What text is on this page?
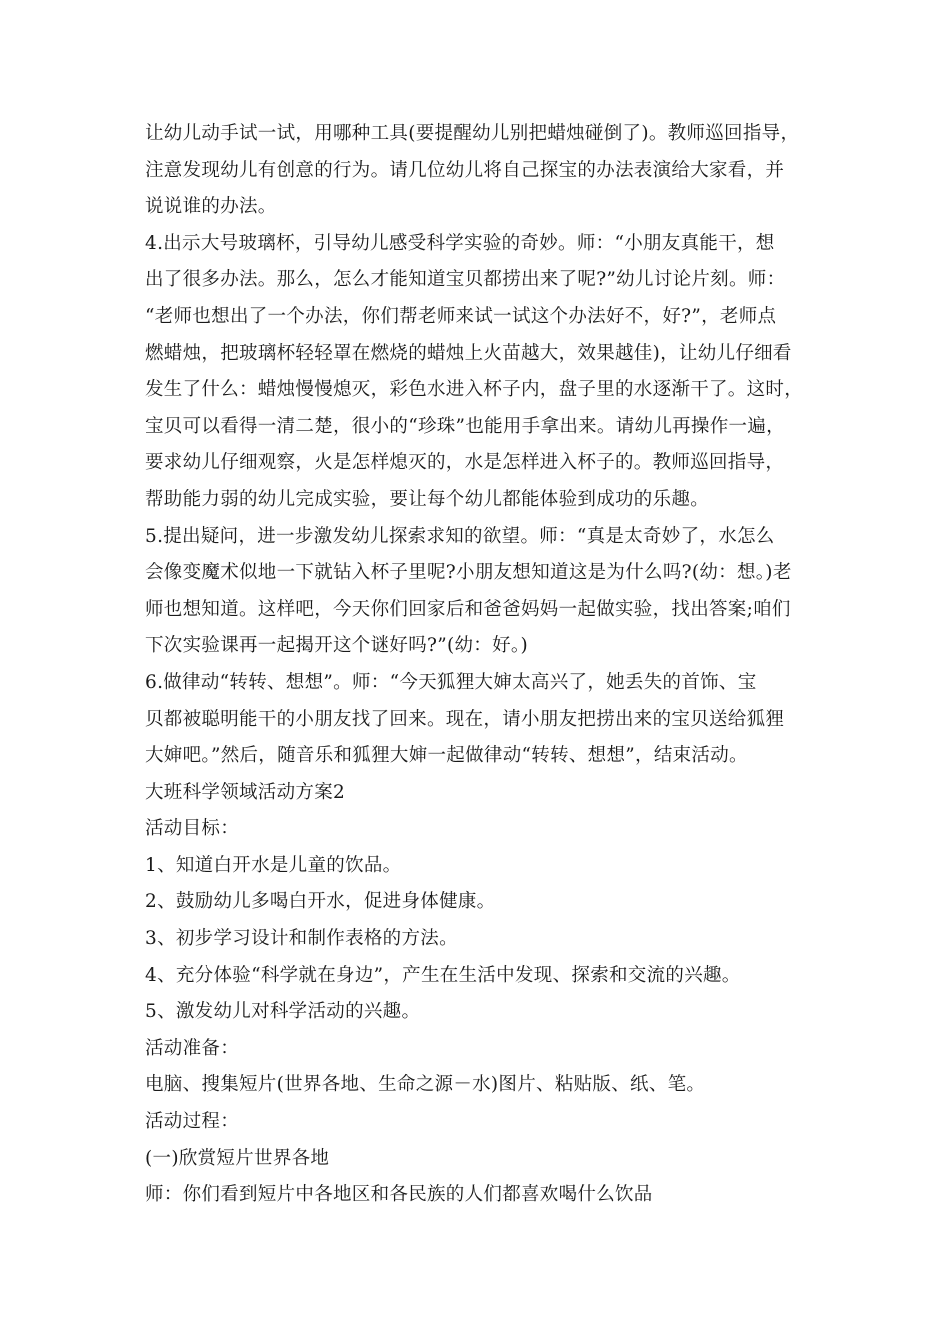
让幼儿动手试一试，用哪种工具(要提醒幼儿别把蜡烛碰倒了)。教师巡回指导，
注意发现幼儿有创意的行为。请几位幼儿将自己探宝的办法表演给大家看，并
说说谁的办法。

4.出示大号玻璃杯，引导幼儿感受科学实验的奇妙。师：“小朋友真能干，想
出了很多办法。那么，怎么才能知道宝贝都捞出来了呢?”幼儿讨论片刻。师：
“老师也想出了一个办法，你们帮老师来试一试这个办法好不，好?”，老师点
燃蜡烛，把玻璃杯轻轻罩在燃烧的蜡烛上火苗越大，效果越佳)，让幼儿仔细看
发生了什么：蜡烛慢慢熄灭，彩色水进入杯子内，盘子里的水逐渐干了。这时，
宝贝可以看得一清二楚，很小的“珍珠”也能用手拿出来。请幼儿再操作一遍，
要求幼儿仔细观察，火是怎样熄灭的，水是怎样进入杯子的。教师巡回指导，
帮助能力弱的幼儿完成实验，要让每个幼儿都能体验到成功的乐趣。

5.提出疑问，进一步激发幼儿探索求知的欲望。师：“真是太奇妙了，水怎么
会像变魔术似地一下就钻入杯子里呢?小朋友想知道这是为什么吗?(幼：想。)老
师也想知道。这样吧，今天你们回家后和爸爸妈妈一起做实验，找出答案;咱们
下次实验课再一起揭开这个谜好吗?”(幼：好。)

6.做律动“转转、想想”。师：“今天狐狸大婶太高兴了，她丢失的首饰、宝
贝都被聪明能干的小朋友找了回来。现在，请小朋友把捞出来的宝贝送给狐狸
大婶吧。”然后，随音乐和狐狸大婶一起做律动“转转、想想”，结束活动。

大班科学领域活动方案2

活动目标：

1、知道白开水是儿童的饮品。

2、鼓励幼儿多喝白开水，促进身体健康。

3、初步学习设计和制作表格的方法。

4、充分体验“科学就在身边”，产生在生活中发现、探索和交流的兴趣。

5、激发幼儿对科学活动的兴趣。

活动准备：

电脑、搜集短片(世界各地、生命之源－水)图片、粘贴版、纸、笔。

活动过程：

(一)欣赏短片世界各地

师：你们看到短片中各地区和各民族的人们都喜欢喝什么饮品
